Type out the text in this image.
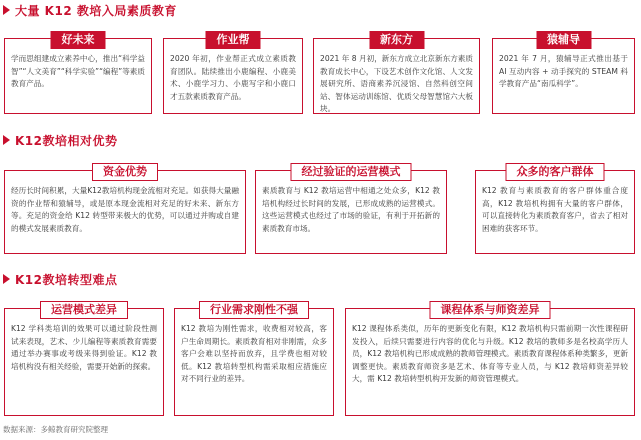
大量 K12 教培入局素质教育
好未来
学而思组建成立素养中心，推出“科学益智”“人文美育”“科学实验”“编程”等素质教育产品。
作业帮
2020 年初，作业帮正式成立素质教育团队。陆续推出小鹿编程、小鹿美术、小鹿学习力、小鹿写字和小鹿口才五款素质教育产品。
新东方
2021 年 8 月初，新东方成立北京新东方素质教育成长中心，下设艺术创作文化馆、人文发展研究所、语商素养沉浸馆、自然科创空间站、智体运动训练馆、优质父母智慧馆六大板块。
猿辅导
2021 年 7 月，猿辅导正式推出基于 AI 互动内容 + 动手探究的 STEAM 科学教育产品“南瓜科学”。
K12教培相对优势
资金优势
经历长时间积累，大量K12教培机构现金流相对充足。如获得大量融资的作业帮和猿辅导，或是原本现金流相对充足的好未来、新东方等。充足的资金给 K12 转型带来极大的优势，可以通过并购或自建的模式发展素质教育。
经过验证的运营模式
素质教育与 K12 教培运营中相通之处众多，K12 教培机构经过长时间的发展，已形成成熟的运营模式。这些运营模式也经过了市场的验证，有利于开拓新的素质教育市场。
众多的客户群体
K12 教育与素质教育的客户群体重合度高，K12 教培机构拥有大量的客户群体，可以直接转化为素质教育客户，省去了相对困难的获客环节。
K12教培转型难点
运营模式差异
K12 学科类培训的效果可以通过阶段性测试来表现，艺术、少儿编程等素质教育需要通过举办赛事或考级来得到验证。K12 教培机构没有相关经验，需要开始新的探索。
行业需求刚性不强
K12 教培为刚性需求，收费相对较高，客户生命周期长。素质教育相对非刚需，众多客户会难以坚持而放弃，且学费也相对较低。K12 教培转型机构需采取相应措施应对不同行业的差异。
课程体系与师资差异
K12 课程体系类似，历年的更新变化有限，K12 教培机构只需前期一次性课程研发投入，后续只需要进行内容的优化与升级。K12 教培的教师多是名校高学历人员，K12 教培机构已形成成熟的教师管理模式。素质教育课程体系种类繁多，更新调整更快。素质教育师资多是艺术、体育等专业人员，与 K12 教培师资差异较大，需 K12 教培转型机构开发新的师资管理模式。
数据来源：多鲸教育研究院整理
